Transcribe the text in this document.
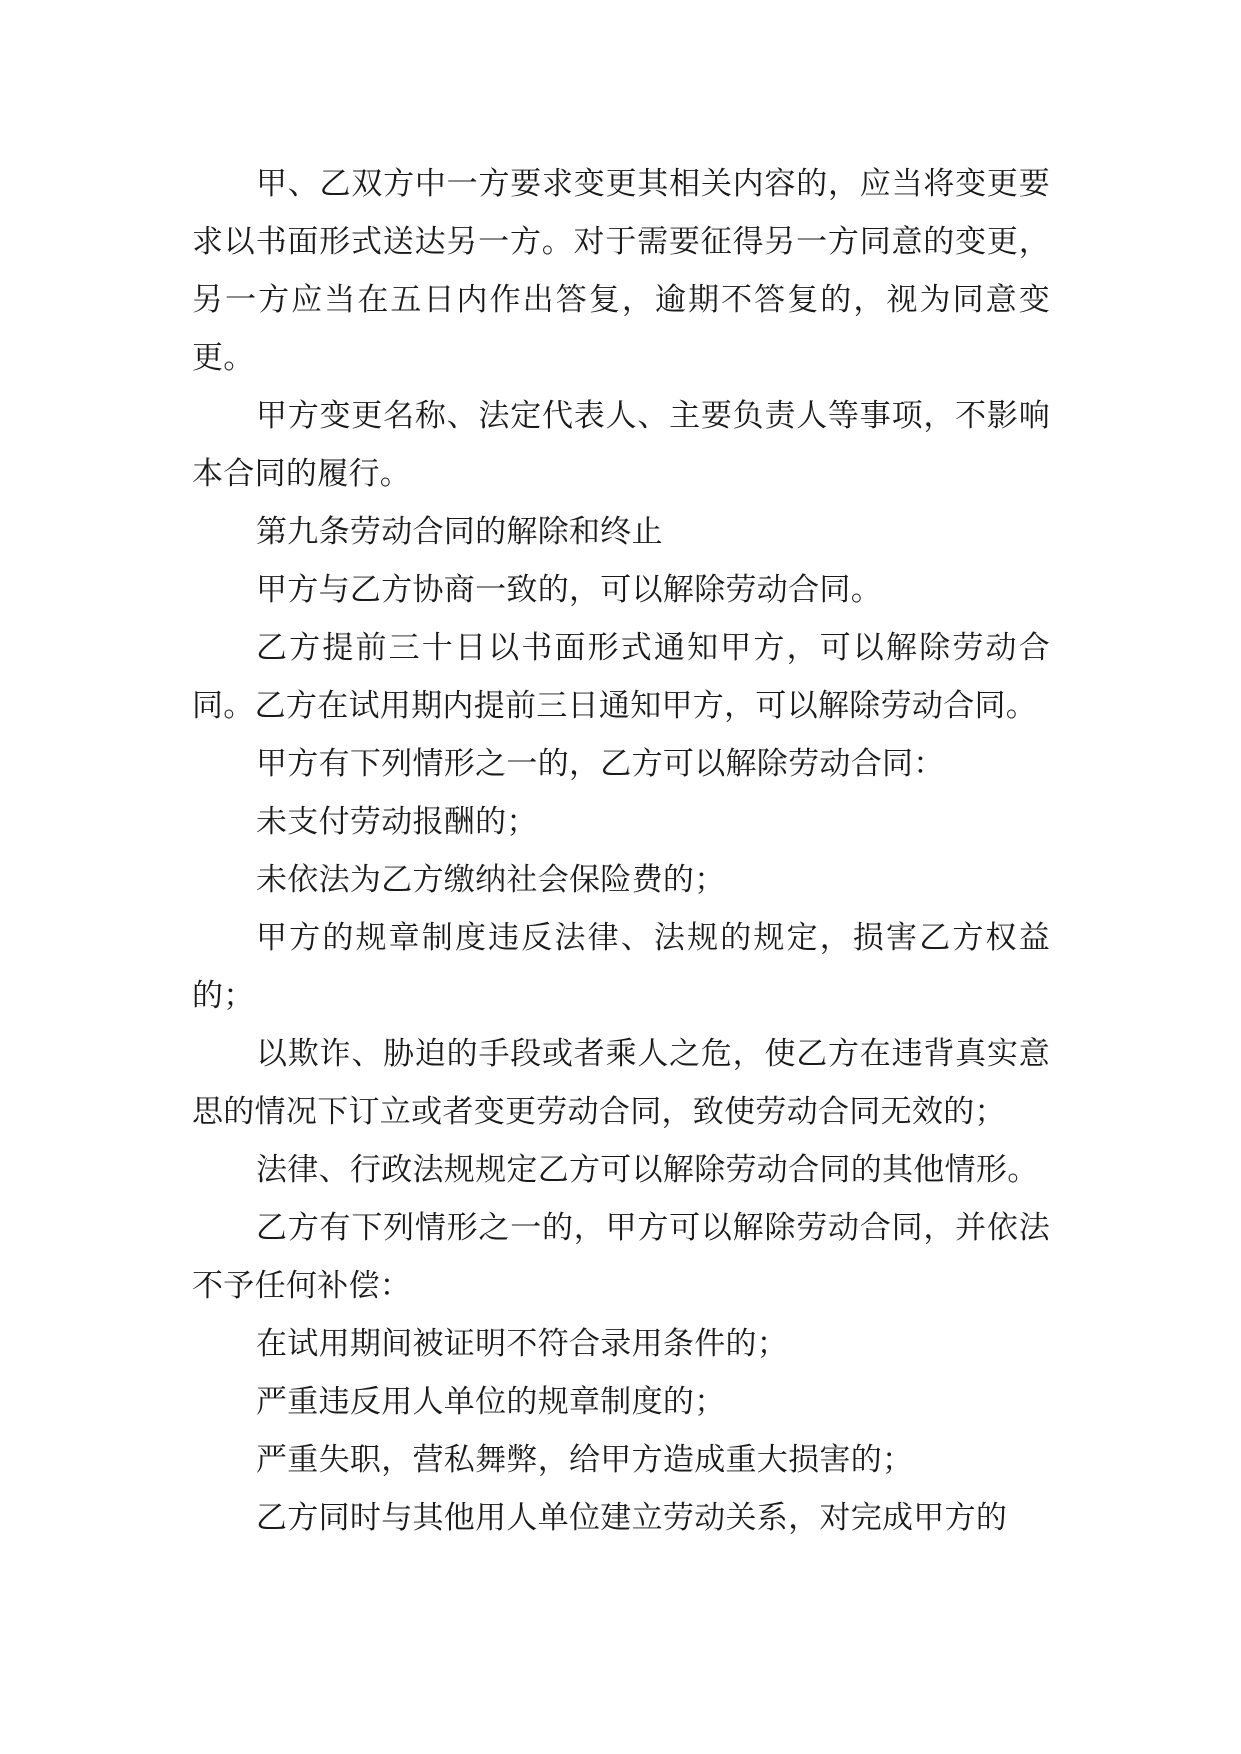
甲、乙双方中一方要求变更其相关内容的，应当将变更要求以书面形式送达另一方。对于需要征得另一方同意的变更，另一方应当在五日内作出答复，逾期不答复的，视为同意变更。

甲方变更名称、法定代表人、主要负责人等事项，不影响本合同的履行。

第九条劳动合同的解除和终止

甲方与乙方协商一致的，可以解除劳动合同。

乙方提前三十日以书面形式通知甲方，可以解除劳动合同。乙方在试用期内提前三日通知甲方，可以解除劳动合同。

甲方有下列情形之一的，乙方可以解除劳动合同：

未支付劳动报酬的；

未依法为乙方缴纳社会保险费的；

甲方的规章制度违反法律、法规的规定，损害乙方权益的；

以欺诈、胁迫的手段或者乘人之危，使乙方在违背真实意思的情况下订立或者变更劳动合同，致使劳动合同无效的；

法律、行政法规规定乙方可以解除劳动合同的其他情形。

乙方有下列情形之一的，甲方可以解除劳动合同，并依法不予任何补偿：

在试用期间被证明不符合录用条件的；

严重违反用人单位的规章制度的；

严重失职，营私舞弊，给甲方造成重大损害的；

乙方同时与其他用人单位建立劳动关系，对完成甲方的
